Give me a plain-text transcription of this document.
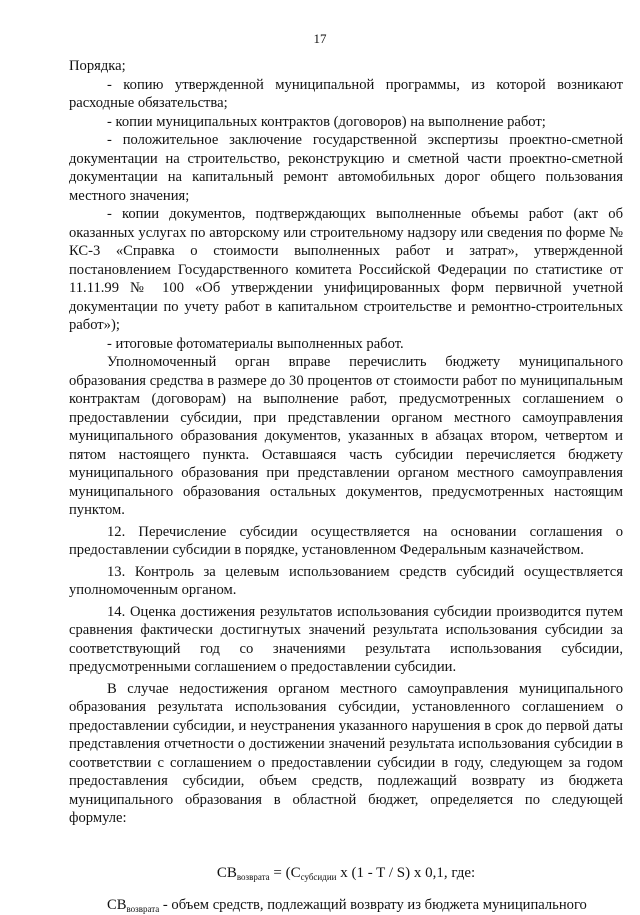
17

Порядка;

- копию утвержденной муниципальной программы, из которой возникают расходные обязательства;

- копии муниципальных контрактов (договоров) на выполнение работ;

- положительное заключение государственной экспертизы проектно-сметной документации на строительство, реконструкцию и сметной части проектно-сметной документации на капитальный ремонт автомобильных дорог общего пользования местного значения;

- копии документов, подтверждающих выполненные объемы работ (акт об оказанных услугах по авторскому или строительному надзору или сведения по форме № КС-3 «Справка о стоимости выполненных работ и затрат», утвержденной постановлением Государственного комитета Российской Федерации по статистике от 11.11.99 № 100 «Об утверждении унифицированных форм первичной учетной документации по учету работ в капитальном строительстве и ремонтно-строительных работ»);

- итоговые фотоматериалы выполненных работ.

Уполномоченный орган вправе перечислить бюджету муниципального образования средства в размере до 30 процентов от стоимости работ по муниципальным контрактам (договорам) на выполнение работ, предусмотренных соглашением о предоставлении субсидии, при представлении органом местного самоуправления муниципального образования документов, указанных в абзацах втором, четвертом и пятом настоящего пункта. Оставшаяся часть субсидии перечисляется бюджету муниципального образования при представлении органом местного самоуправления муниципального образования остальных документов, предусмотренных настоящим пунктом.

12. Перечисление субсидии осуществляется на основании соглашения о предоставлении субсидии в порядке, установленном Федеральным казначейством.

13. Контроль за целевым использованием средств субсидий осуществляется уполномоченным органом.

14. Оценка достижения результатов использования субсидии производится путем сравнения фактически достигнутых значений результата использования субсидии за соответствующий год со значениями результата использования субсидии, предусмотренными соглашением о предоставлении субсидии.

В случае недостижения органом местного самоуправления муниципального образования результата использования субсидии, установленного соглашением о предоставлении субсидии, и неустранения указанного нарушения в срок до первой даты представления отчетности о достижении значений результата использования субсидии в соответствии с соглашением о предоставлении субсидии в году, следующем за годом предоставления субсидии, объем средств, подлежащий возврату из бюджета муниципального образования в областной бюджет, определяется по следующей формуле:

$СВ_{возврата} = (С_{субсидии}$ x (1 - T / S) x 0,1, где:

$СВ_{возврата}$ - объем средств, подлежащий возврату из бюджета муниципального
